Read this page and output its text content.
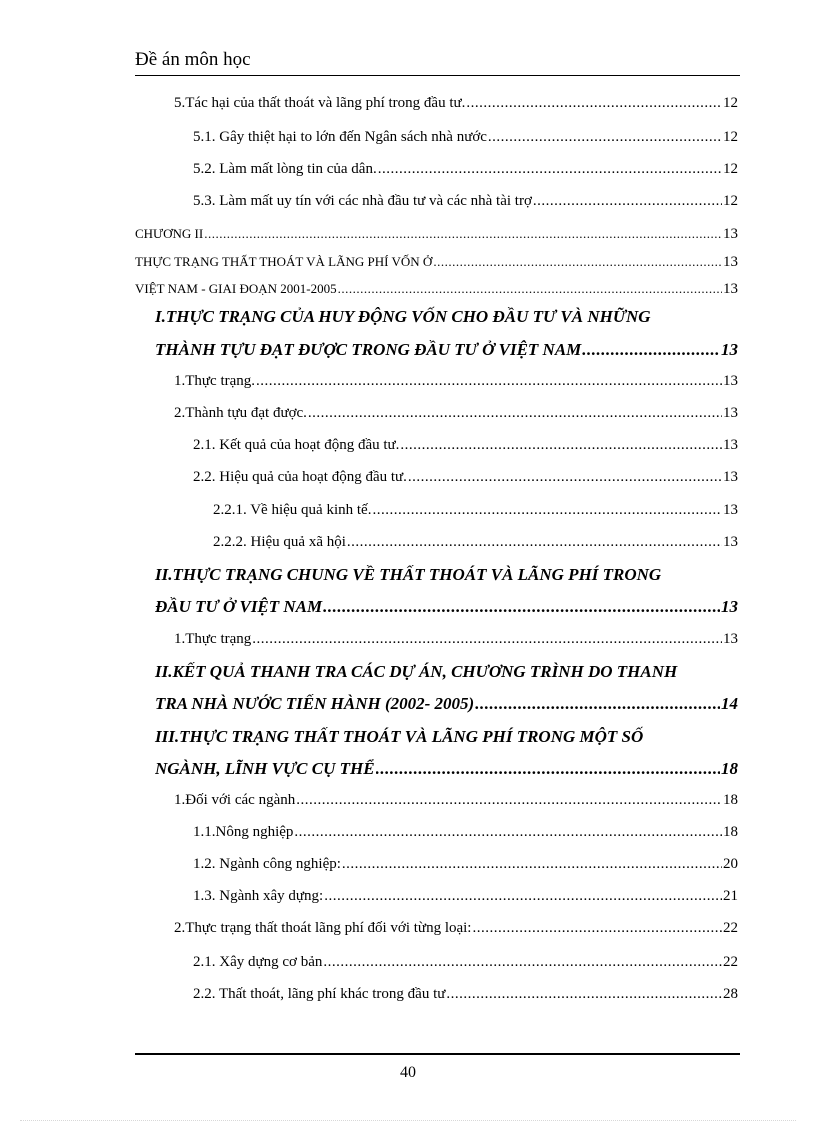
Đề án môn học
5.Tác hại của thất thoát và lãng phí trong đầu tư. .....	12
5.1. Gây thiệt hại to lớn đến Ngân sách nhà nước .....	12
5.2. Làm mất lòng tin của dân. .....	12
5.3. Làm mất uy tín với các nhà đầu tư và các nhà tài trợ .....	12
CHƯƠNG II .....	13
THỰC TRẠNG THẤT THOÁT VÀ LÃNG PHÍ VỐN Ở .....	13
VIỆT NAM - GIAI ĐOẠN 2001-2005 .....	13
I.THỰC TRẠNG CỦA HUY ĐỘNG VỐN CHO ĐẦU TƯ VÀ NHỮNG
THÀNH TỰU ĐẠT ĐƯỢC TRONG ĐẦU TƯ Ở VIỆT NAM .....	13
1.Thực trạng. .....	13
2.Thành tựu đạt được. .....	13
2.1. Kết quả của hoạt động đầu tư. .....	13
2.2. Hiệu quả của hoạt động đầu tư. .....	13
2.2.1. Về hiệu quả kinh tế. .....	13
2.2.2. Hiệu quả xã hội .....	13
II.THỰC TRẠNG CHUNG VỀ THẤT THOÁT VÀ LÃNG PHÍ TRONG
ĐẦU TƯ Ở VIỆT NAM .....	13
1.Thực trạng .....	13
II.KẾT QUẢ THANH TRA CÁC DỰ ÁN, CHƯƠNG TRÌNH DO THANH
TRA NHÀ NƯỚC TIẾN HÀNH (2002- 2005) .....	14
III.THỰC TRẠNG THẤT THOÁT VÀ LÃNG PHÍ TRONG MỘT SỐ
NGÀNH, LĨNH VỰC CỤ THỂ .....	18
1.Đối với các ngành .....	18
1.1.Nông nghiệp .....	18
1.2. Ngành công nghiệp: .....	20
1.3. Ngành xây dựng: .....	21
2.Thực trạng thất thoát lãng phí đối với từng loại: .....	22
2.1. Xây dựng cơ bản .....	22
2.2. Thất thoát, lãng phí khác trong đầu tư .....	28
40
